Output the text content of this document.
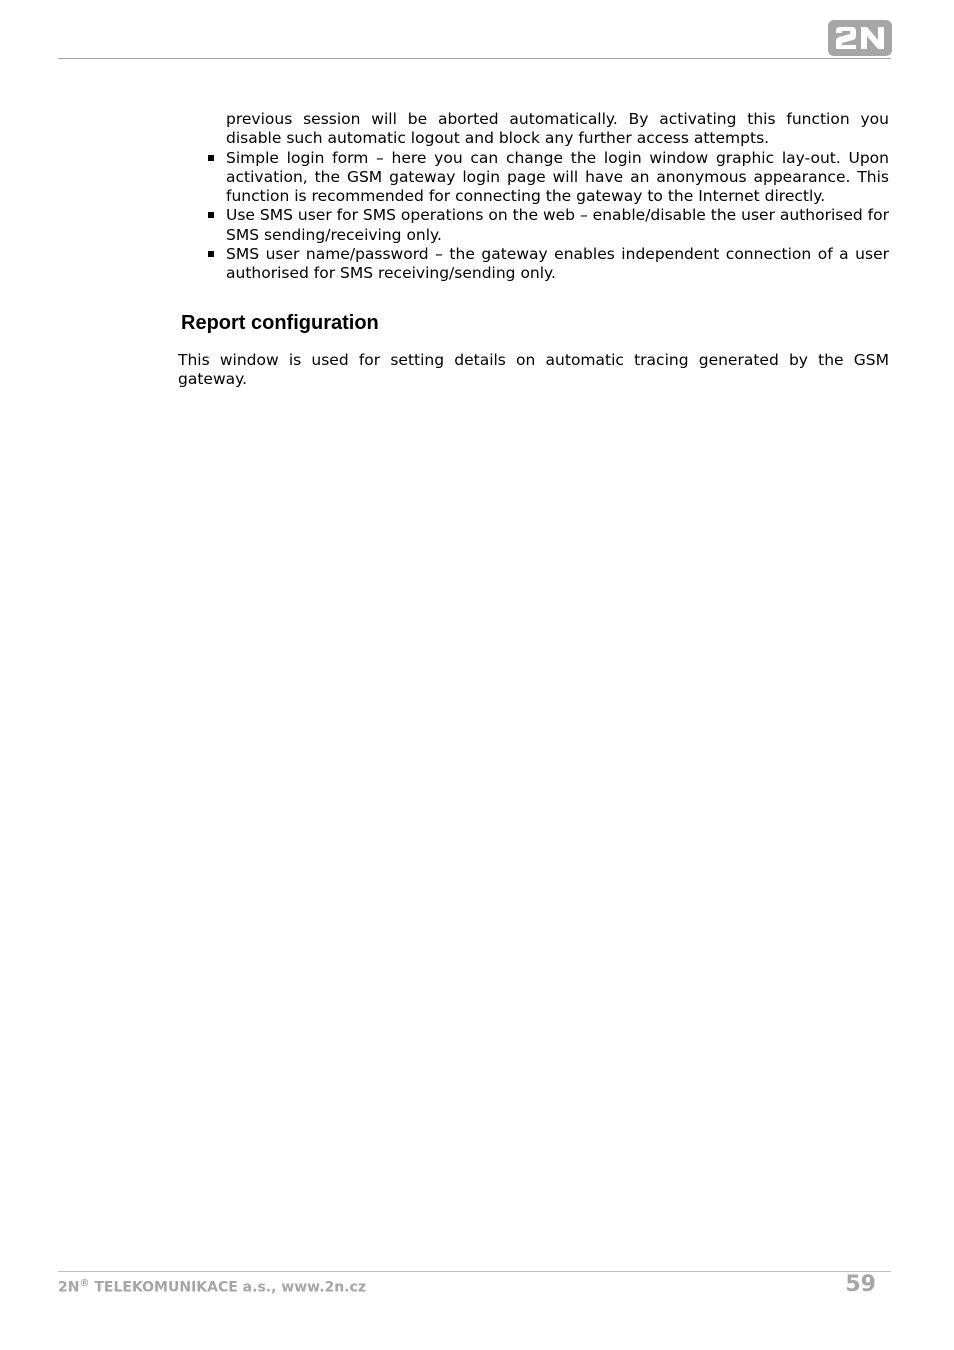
previous session will be aborted automatically. By activating this function you disable such automatic logout and block any further access attempts.
Simple login form – here you can change the login window graphic lay-out. Upon activation, the GSM gateway login page will have an anonymous appearance. This function is recommended for connecting the gateway to the Internet directly.
Use SMS user for SMS operations on the web – enable/disable the user authorised for SMS sending/receiving only.
SMS user name/password – the gateway enables independent connection of a user authorised for SMS receiving/sending only.
Report configuration
This window is used for setting details on automatic tracing generated by the GSM gateway.
2N® TELEKOMUNIKACE a.s., www.2n.cz	59
